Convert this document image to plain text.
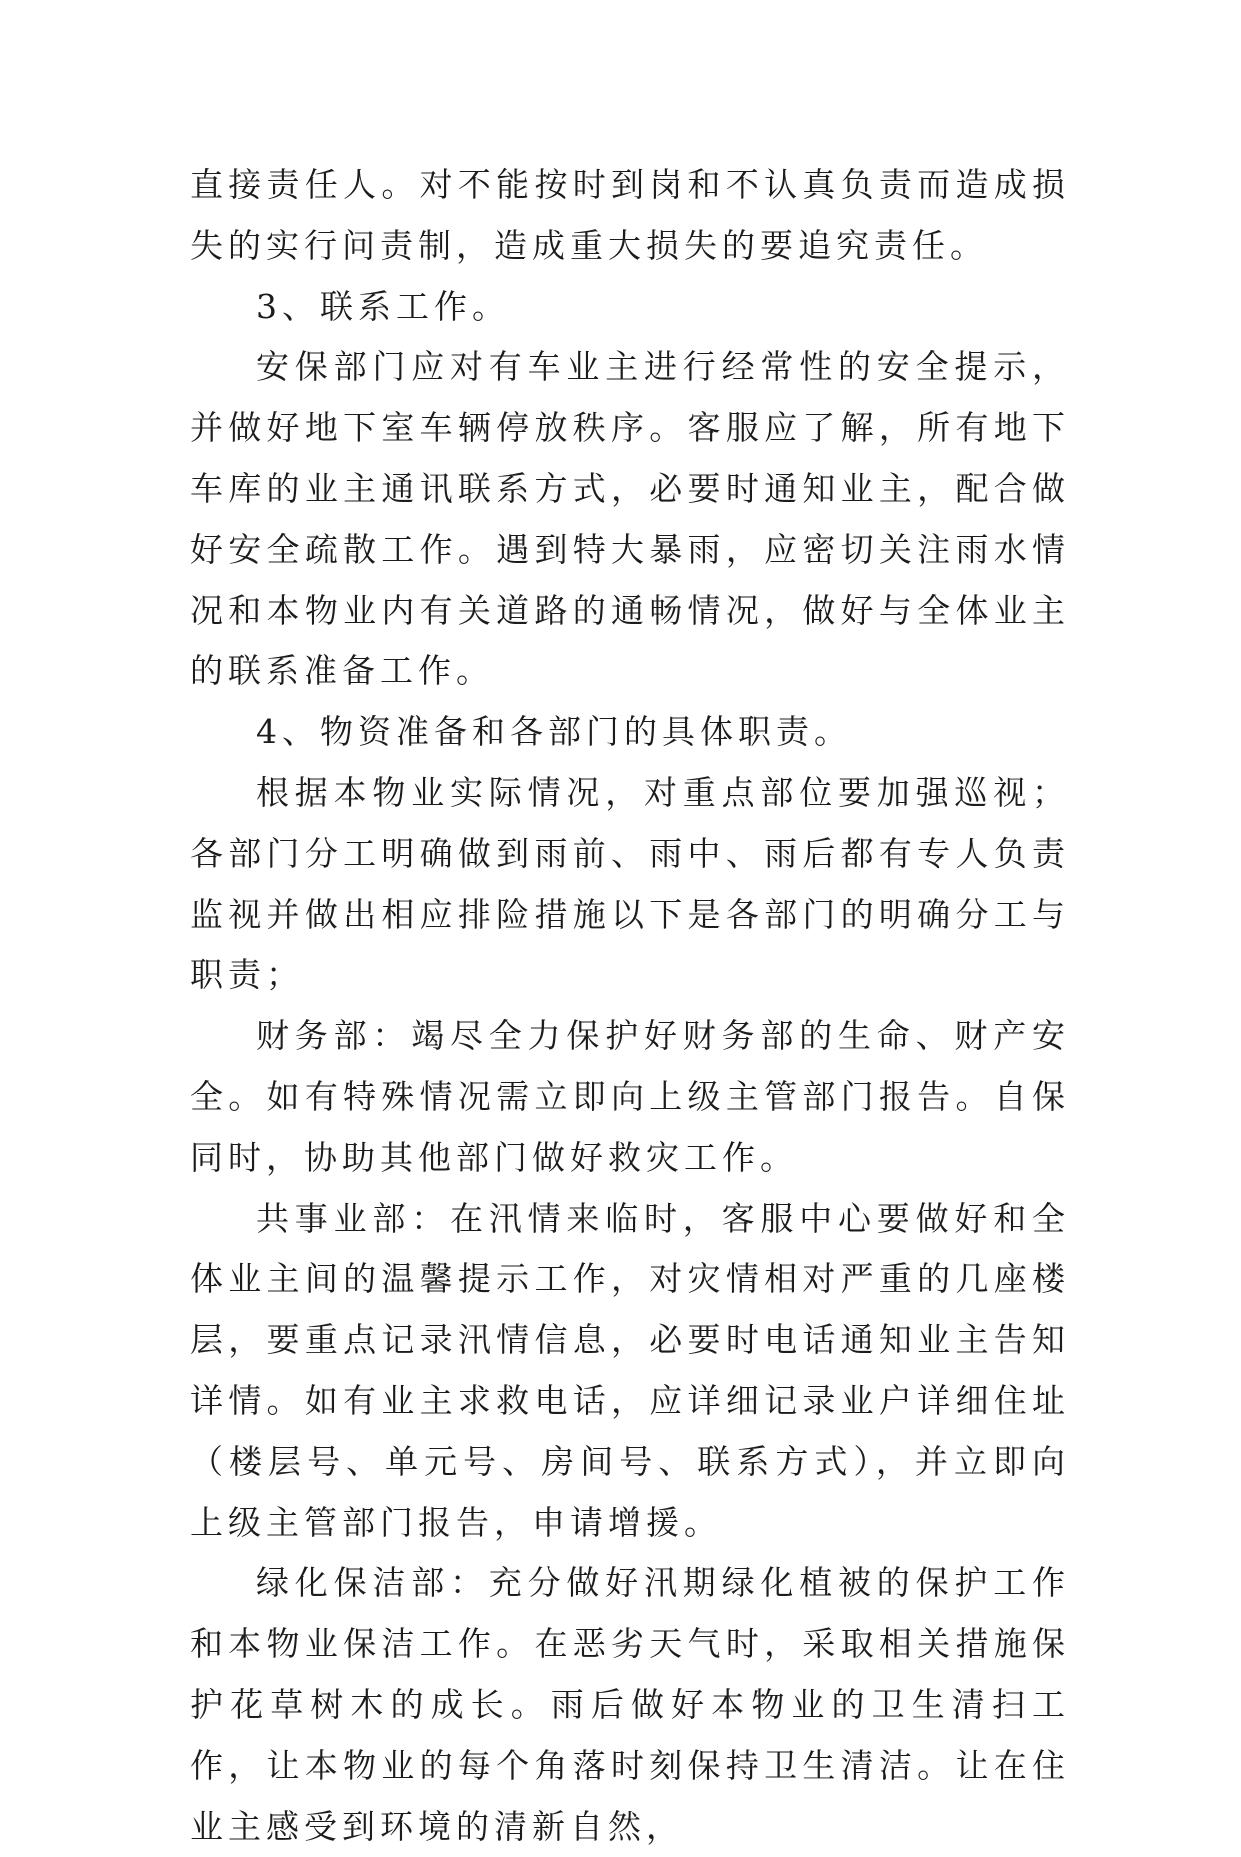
直接责任人。对不能按时到岗和不认真负责而造成损失的实行问责制，造成重大损失的要追究责任。

3、联系工作。

安保部门应对有车业主进行经常性的安全提示，并做好地下室车辆停放秩序。客服应了解，所有地下车库的业主通讯联系方式，必要时通知业主，配合做好安全疏散工作。遇到特大暴雨，应密切关注雨水情况和本物业内有关道路的通畅情况，做好与全体业主的联系准备工作。

4、物资准备和各部门的具体职责。

根据本物业实际情况，对重点部位要加强巡视；各部门分工明确做到雨前、雨中、雨后都有专人负责监视并做出相应排险措施以下是各部门的明确分工与职责；

财务部：竭尽全力保护好财务部的生命、财产安全。如有特殊情况需立即向上级主管部门报告。自保同时，协助其他部门做好救灾工作。

共事业部：在汛情来临时，客服中心要做好和全体业主间的温馨提示工作，对灾情相对严重的几座楼层，要重点记录汛情信息，必要时电话通知业主告知详情。如有业主求救电话，应详细记录业户详细住址（楼层号、单元号、房间号、联系方式），并立即向上级主管部门报告，申请增援。

绿化保洁部：充分做好汛期绿化植被的保护工作和本物业保洁工作。在恶劣天气时，采取相关措施保护花草树木的成长。雨后做好本物业的卫生清扫工作，让本物业的每个角落时刻保持卫生清洁。让在住业主感受到环境的清新自然，
